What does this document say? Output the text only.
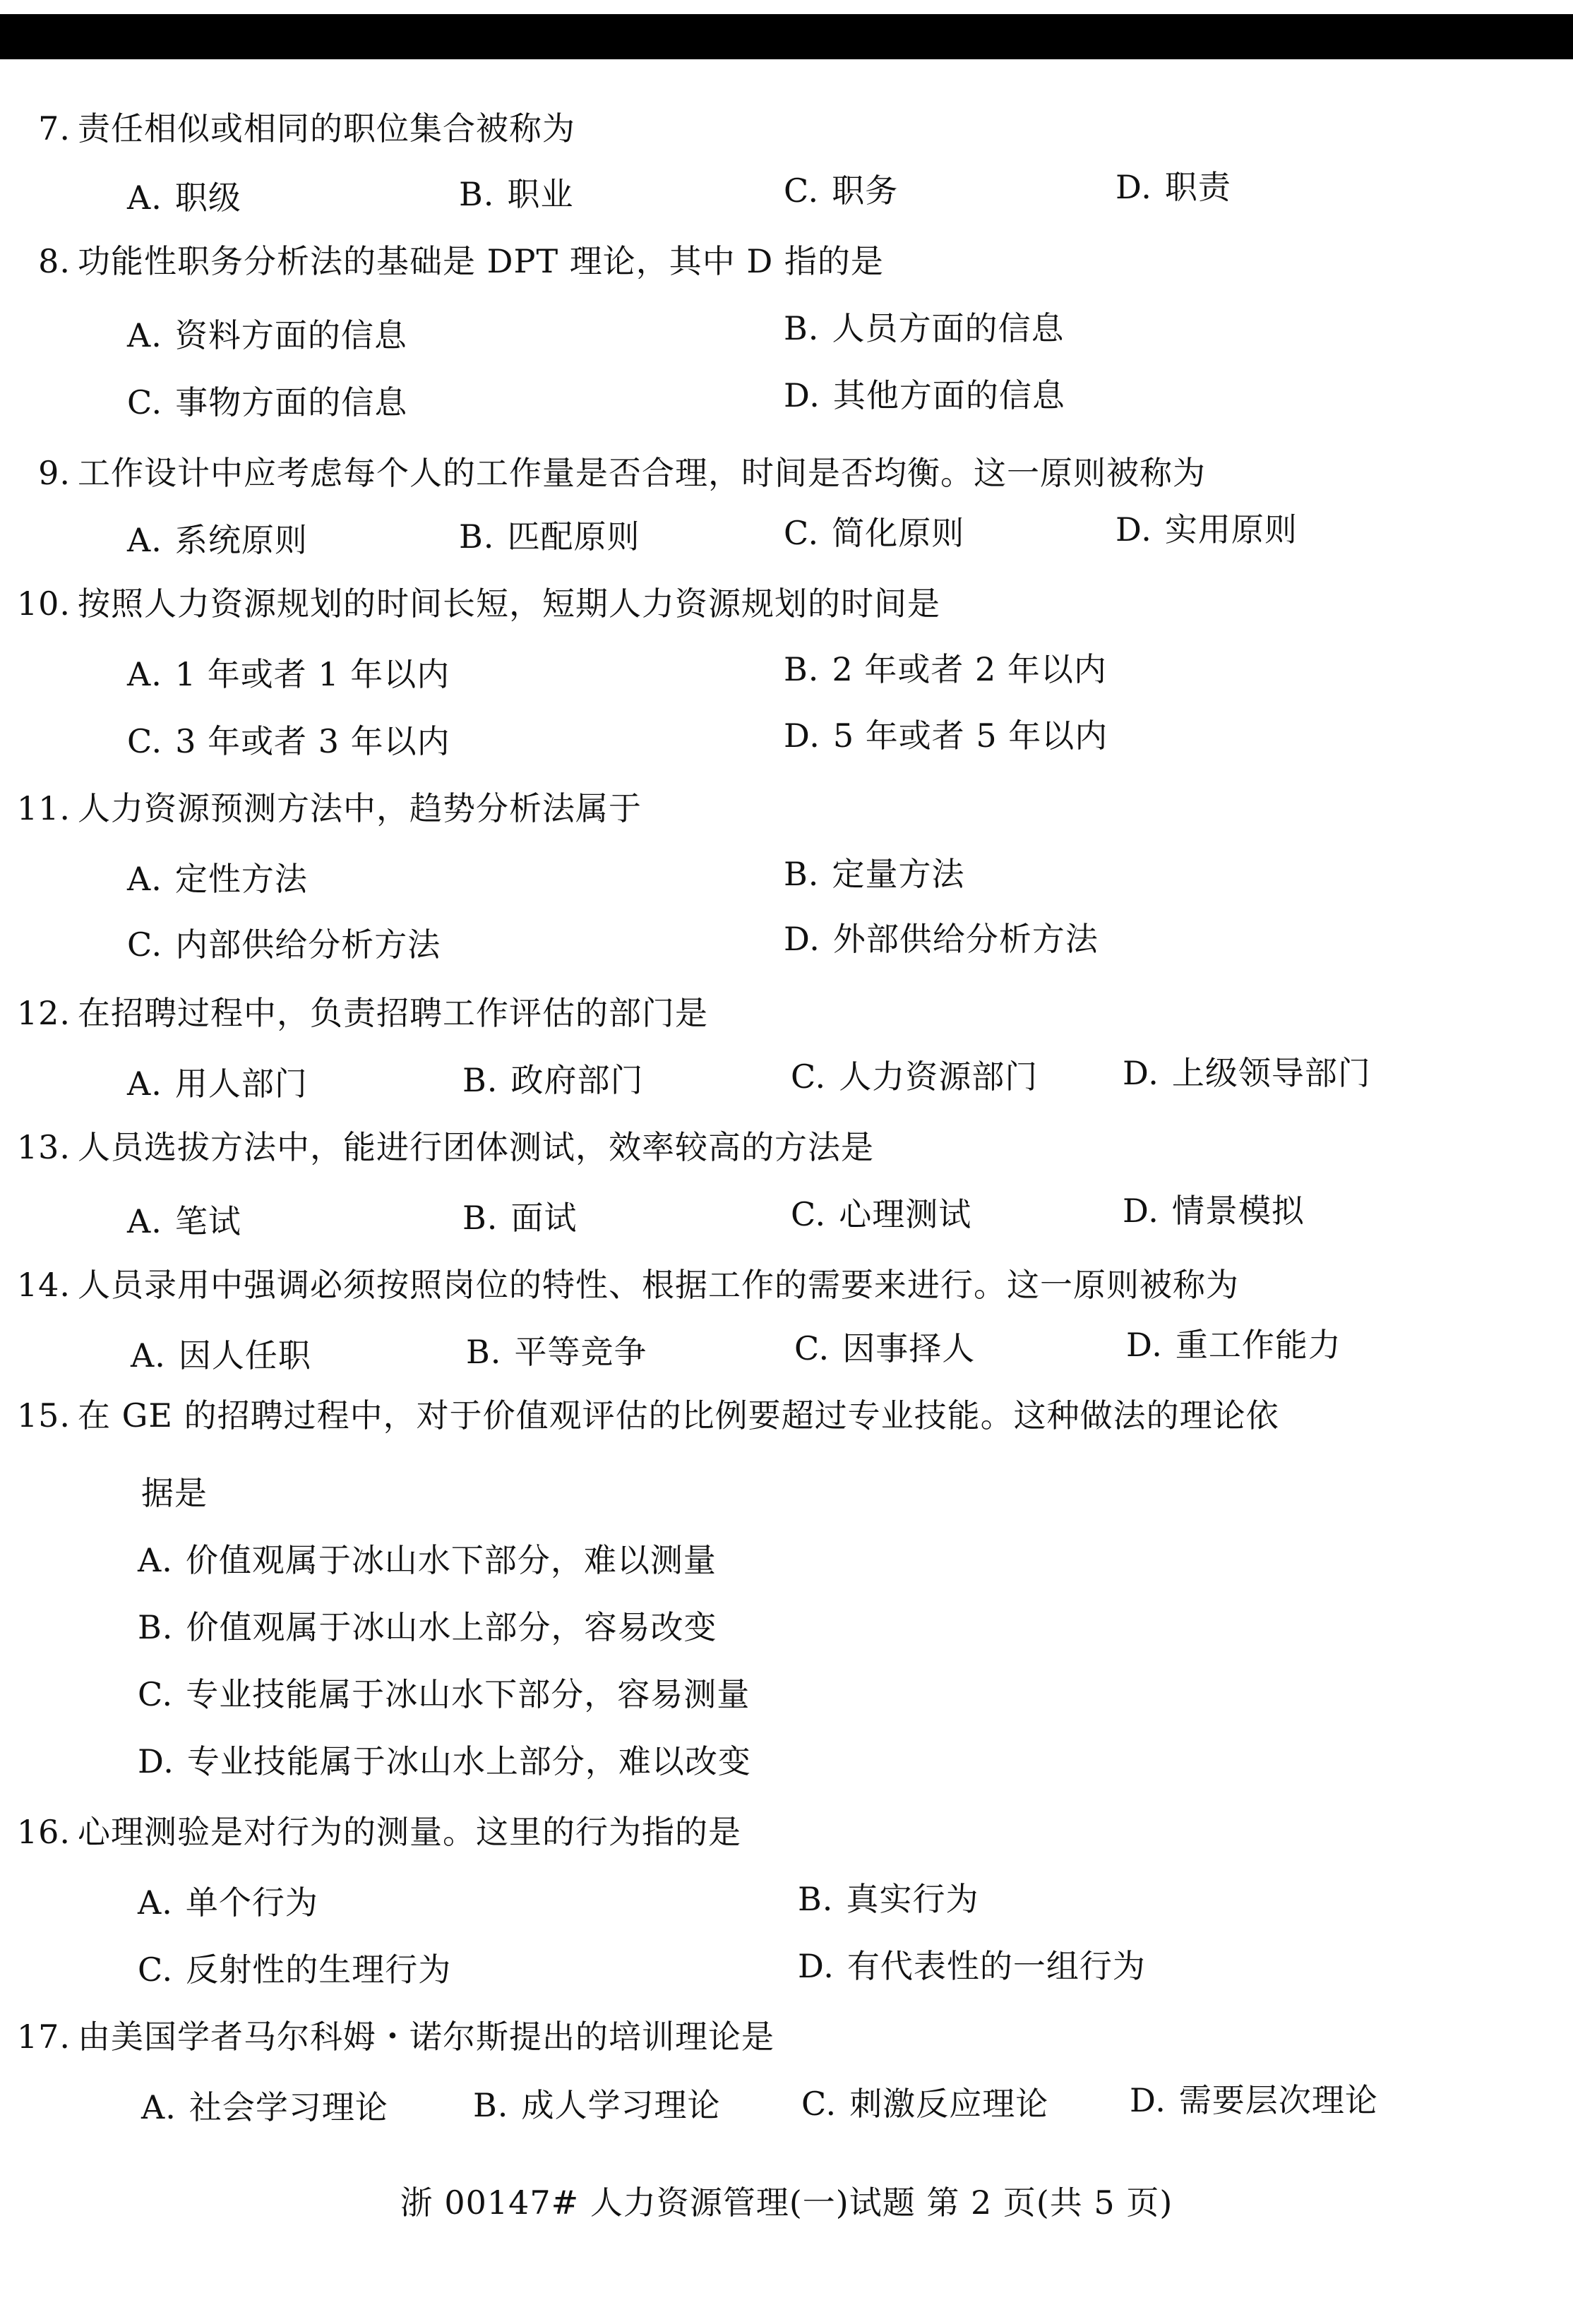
7. 责任相似或相同的职位集合被称为
A. 职级	B. 职业	C. 职务	D. 职责
8. 功能性职务分析法的基础是 DPT 理论，其中 D 指的是
A. 资料方面的信息	B. 人员方面的信息
C. 事物方面的信息	D. 其他方面的信息
9. 工作设计中应考虑每个人的工作量是否合理，时间是否均衡。这一原则被称为
A. 系统原则	B. 匹配原则	C. 简化原则	D. 实用原则
10. 按照人力资源规划的时间长短，短期人力资源规划的时间是
A. 1 年或者 1 年以内	B. 2 年或者 2 年以内
C. 3 年或者 3 年以内	D. 5 年或者 5 年以内
11. 人力资源预测方法中，趋势分析法属于
A. 定性方法	B. 定量方法
C. 内部供给分析方法	D. 外部供给分析方法
12. 在招聘过程中，负责招聘工作评估的部门是
A. 用人部门	B. 政府部门	C. 人力资源部门	D. 上级领导部门
13. 人员选拔方法中，能进行团体测试，效率较高的方法是
A. 笔试	B. 面试	C. 心理测试	D. 情景模拟
14. 人员录用中强调必须按照岗位的特性、根据工作的需要来进行。这一原则被称为
A. 因人任职	B. 平等竞争	C. 因事择人	D. 重工作能力
15. 在 GE 的招聘过程中，对于价值观评估的比例要超过专业技能。这种做法的理论依
据是
A. 价值观属于冰山水下部分，难以测量
B. 价值观属于冰山水上部分，容易改变
C. 专业技能属于冰山水下部分，容易测量
D. 专业技能属于冰山水上部分，难以改变
16. 心理测验是对行为的测量。这里的行为指的是
A. 单个行为	B. 真实行为
C. 反射性的生理行为	D. 有代表性的一组行为
17. 由美国学者马尔科姆・诺尔斯提出的培训理论是
A. 社会学习理论	B. 成人学习理论 C. 刺激反应理论 D. 需要层次理论
浙 00147# 人力资源管理(一)试题 第 2 页(共 5 页)
